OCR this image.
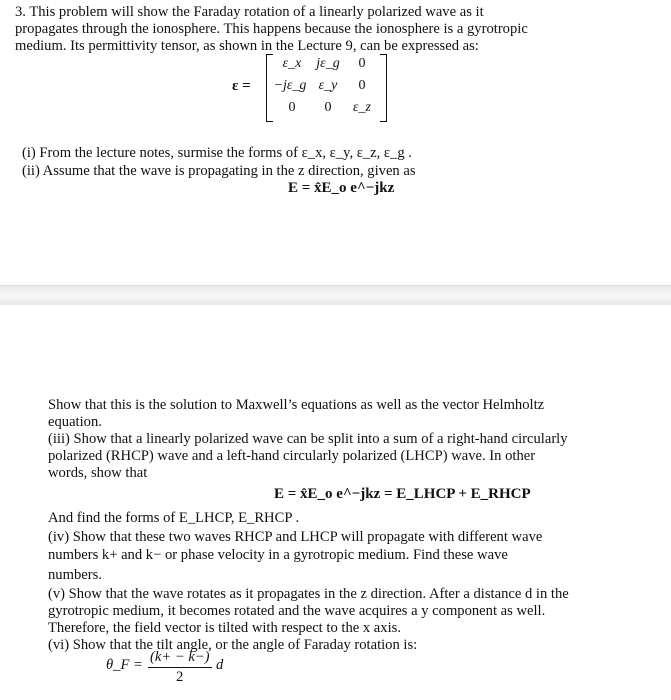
3. This problem will show the Faraday rotation of a linearly polarized wave as it
propagates through the ionosphere. This happens because the ionosphere is a gyrotropic
medium. Its permittivity tensor, as shown in the Lecture 9, can be expressed as:
ε =
ε_x	jε_g	0
−jε_g ε_y	0
0	0	ε_z
(i) From the lecture notes, surmise the forms of ε_x, ε_y, ε_z, ε_g .
(ii) Assume that the wave is propagating in the z direction, given as
E = x̂E_o e^−jkz
Show that this is the solution to Maxwell’s equations as well as the vector Helmholtz
equation.
(iii) Show that a linearly polarized wave can be split into a sum of a right-hand circularly
polarized (RHCP) wave and a left-hand circularly polarized (LHCP) wave. In other
words, show that
E = x̂E_o e^−jkz = E_LHCP + E_RHCP
And find the forms of E_LHCP, E_RHCP .
(iv) Show that these two waves RHCP and LHCP will propagate with different wave
numbers k+ and k− or phase velocity in a gyrotropic medium. Find these wave
numbers.
(v) Show that the wave rotates as it propagates in the z direction. After a distance d in the
gyrotropic medium, it becomes rotated and the wave acquires a y component as well.
Therefore, the field vector is tilted with respect to the x axis.
(vi) Show that the tilt angle, or the angle of Faraday rotation is:
θ_F = (k+ − k−)
2
d
